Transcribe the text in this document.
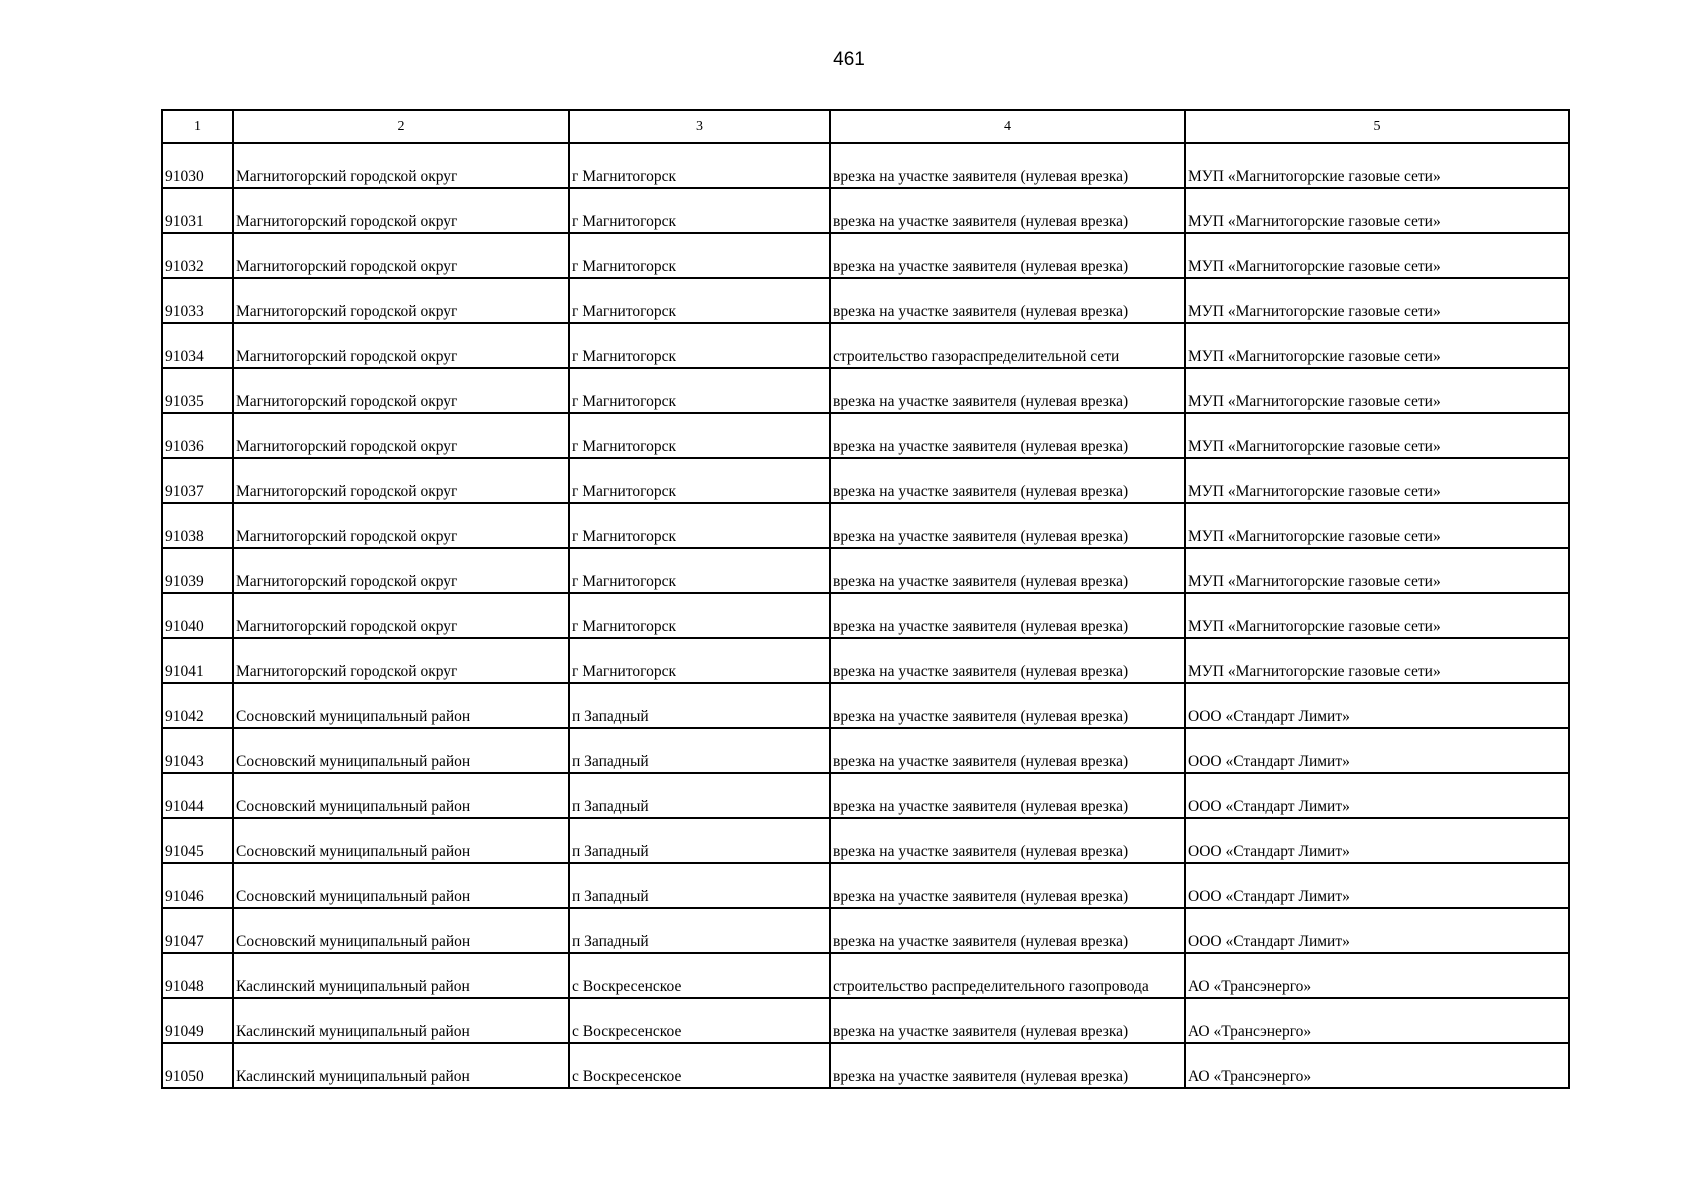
461
1	2	3	4	5
91030	Магнитогорский городской округ	г Магнитогорск	врезка на участке заявителя (нулевая врезка)	МУП «Магнитогорские газовые сети»
91031	Магнитогорский городской округ	г Магнитогорск	врезка на участке заявителя (нулевая врезка)	МУП «Магнитогорские газовые сети»
91032	Магнитогорский городской округ	г Магнитогорск	врезка на участке заявителя (нулевая врезка)	МУП «Магнитогорские газовые сети»
91033	Магнитогорский городской округ	г Магнитогорск	врезка на участке заявителя (нулевая врезка)	МУП «Магнитогорские газовые сети»
91034	Магнитогорский городской округ	г Магнитогорск	строительство газораспределительной сети	МУП «Магнитогорские газовые сети»
91035	Магнитогорский городской округ	г Магнитогорск	врезка на участке заявителя (нулевая врезка)	МУП «Магнитогорские газовые сети»
91036	Магнитогорский городской округ	г Магнитогорск	врезка на участке заявителя (нулевая врезка)	МУП «Магнитогорские газовые сети»
91037	Магнитогорский городской округ	г Магнитогорск	врезка на участке заявителя (нулевая врезка)	МУП «Магнитогорские газовые сети»
91038	Магнитогорский городской округ	г Магнитогорск	врезка на участке заявителя (нулевая врезка)	МУП «Магнитогорские газовые сети»
91039	Магнитогорский городской округ	г Магнитогорск	врезка на участке заявителя (нулевая врезка)	МУП «Магнитогорские газовые сети»
91040	Магнитогорский городской округ	г Магнитогорск	врезка на участке заявителя (нулевая врезка)	МУП «Магнитогорские газовые сети»
91041	Магнитогорский городской округ	г Магнитогорск	врезка на участке заявителя (нулевая врезка)	МУП «Магнитогорские газовые сети»
91042	Сосновский муниципальный район	п Западный	врезка на участке заявителя (нулевая врезка)	ООО «Стандарт Лимит»
91043	Сосновский муниципальный район	п Западный	врезка на участке заявителя (нулевая врезка)	ООО «Стандарт Лимит»
91044	Сосновский муниципальный район	п Западный	врезка на участке заявителя (нулевая врезка)	ООО «Стандарт Лимит»
91045	Сосновский муниципальный район	п Западный	врезка на участке заявителя (нулевая врезка)	ООО «Стандарт Лимит»
91046	Сосновский муниципальный район	п Западный	врезка на участке заявителя (нулевая врезка)	ООО «Стандарт Лимит»
91047	Сосновский муниципальный район	п Западный	врезка на участке заявителя (нулевая врезка)	ООО «Стандарт Лимит»
91048	Каслинский муниципальный район	с Воскресенское	строительство распределительного газопровода	АО «Трансэнерго»
91049	Каслинский муниципальный район	с Воскресенское	врезка на участке заявителя (нулевая врезка)	АО «Трансэнерго»
91050	Каслинский муниципальный район	с Воскресенское	врезка на участке заявителя (нулевая врезка)	АО «Трансэнерго»
